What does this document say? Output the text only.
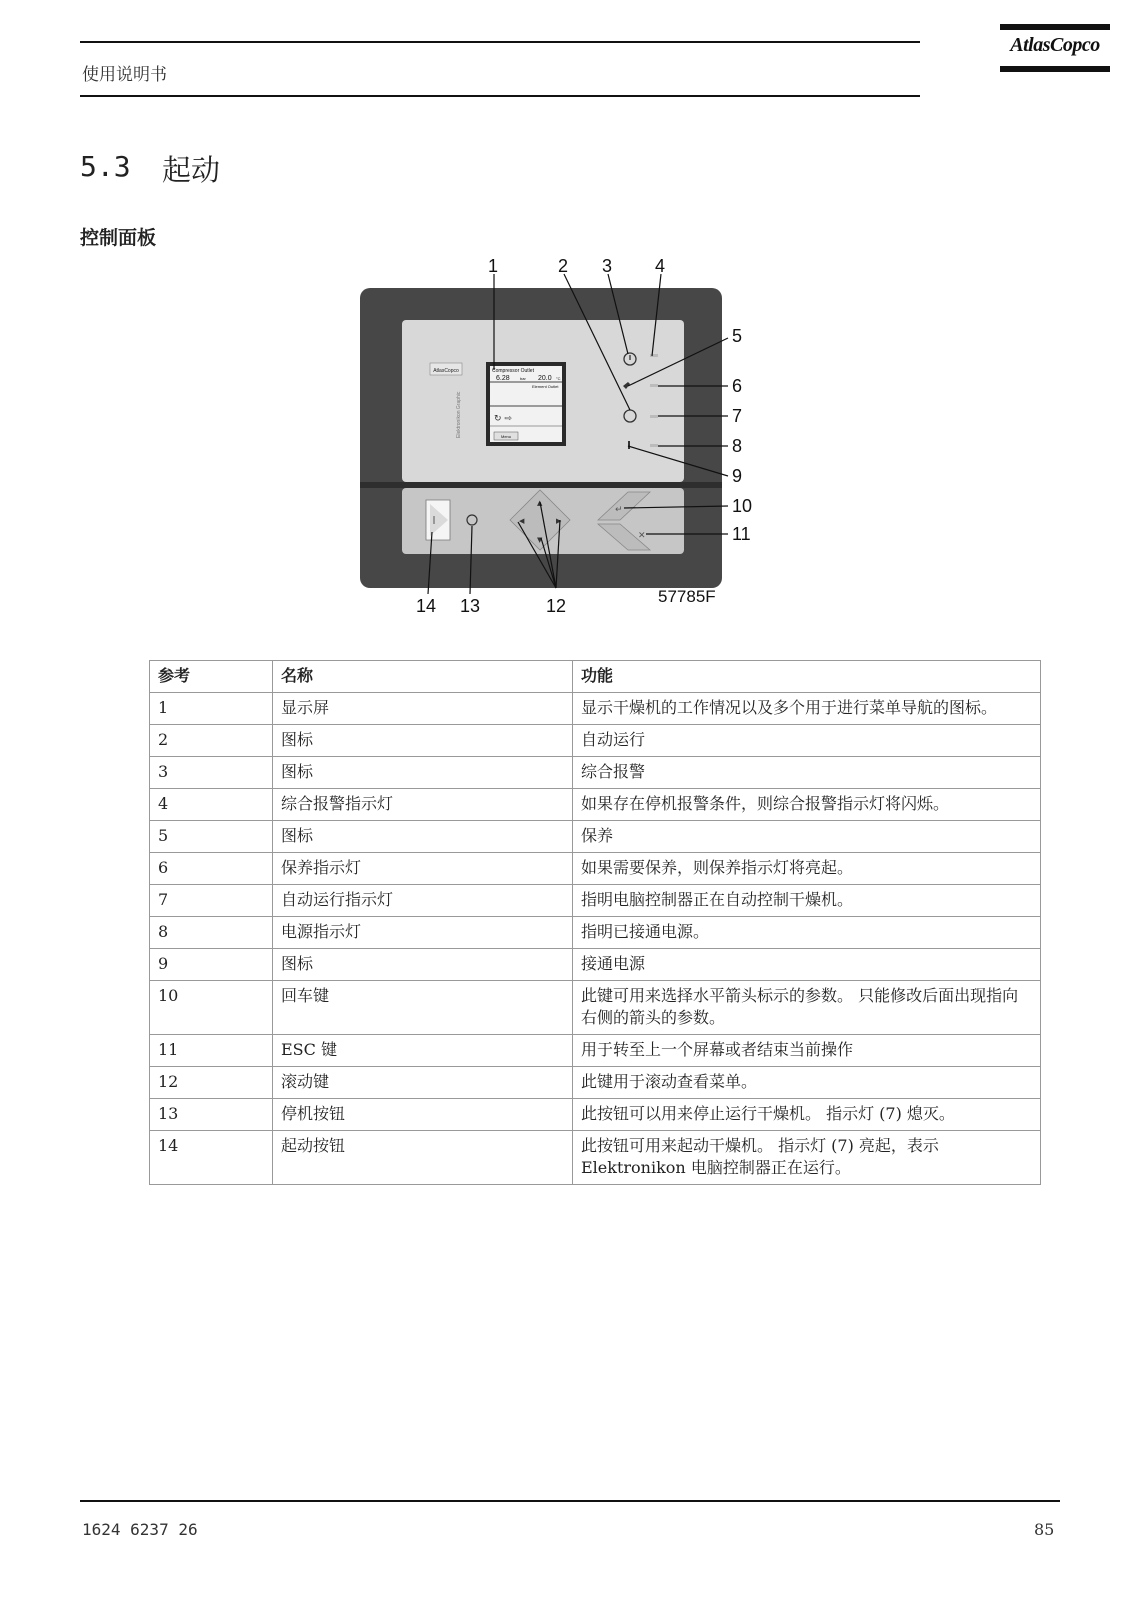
使用说明书
AtlasCopco
5.3 起动
控制面板
AtlasCopco
Elektronikon Graphic
Compressor Outlet
6.28	bar 20.0 °C
Element Outlet
↻ ⇨
Menu
◀
▲
▶
▼
↵
✕
1	2 3 4
5
6
7
8
9
10
11
12
13
14	57785F
参考	名称	功能
1	显示屏	显示干燥机的工作情况以及多个用于进行菜单导航的图标。
2	图标	自动运行
3	图标	综合报警
4	综合报警指示灯	如果存在停机报警条件，则综合报警指示灯将闪烁。
5	图标	保养
6	保养指示灯	如果需要保养，则保养指示灯将亮起。
7	自动运行指示灯	指明电脑控制器正在自动控制干燥机。
8	电源指示灯	指明已接通电源。
9	图标	接通电源
10	回车键	此键可用来选择水平箭头标示的参数。 只能修改后面出现指向右侧的箭头的参数。
11	ESC 键	用于转至上一个屏幕或者结束当前操作
12	滚动键	此键用于滚动查看菜单。
13	停机按钮	此按钮可以用来停止运行干燥机。 指示灯 (7) 熄灭。
14	起动按钮	此按钮可用来起动干燥机。 指示灯 (7) 亮起，表示 Elektronikon 电脑控制器正在运行。
1624 6237 26	85
